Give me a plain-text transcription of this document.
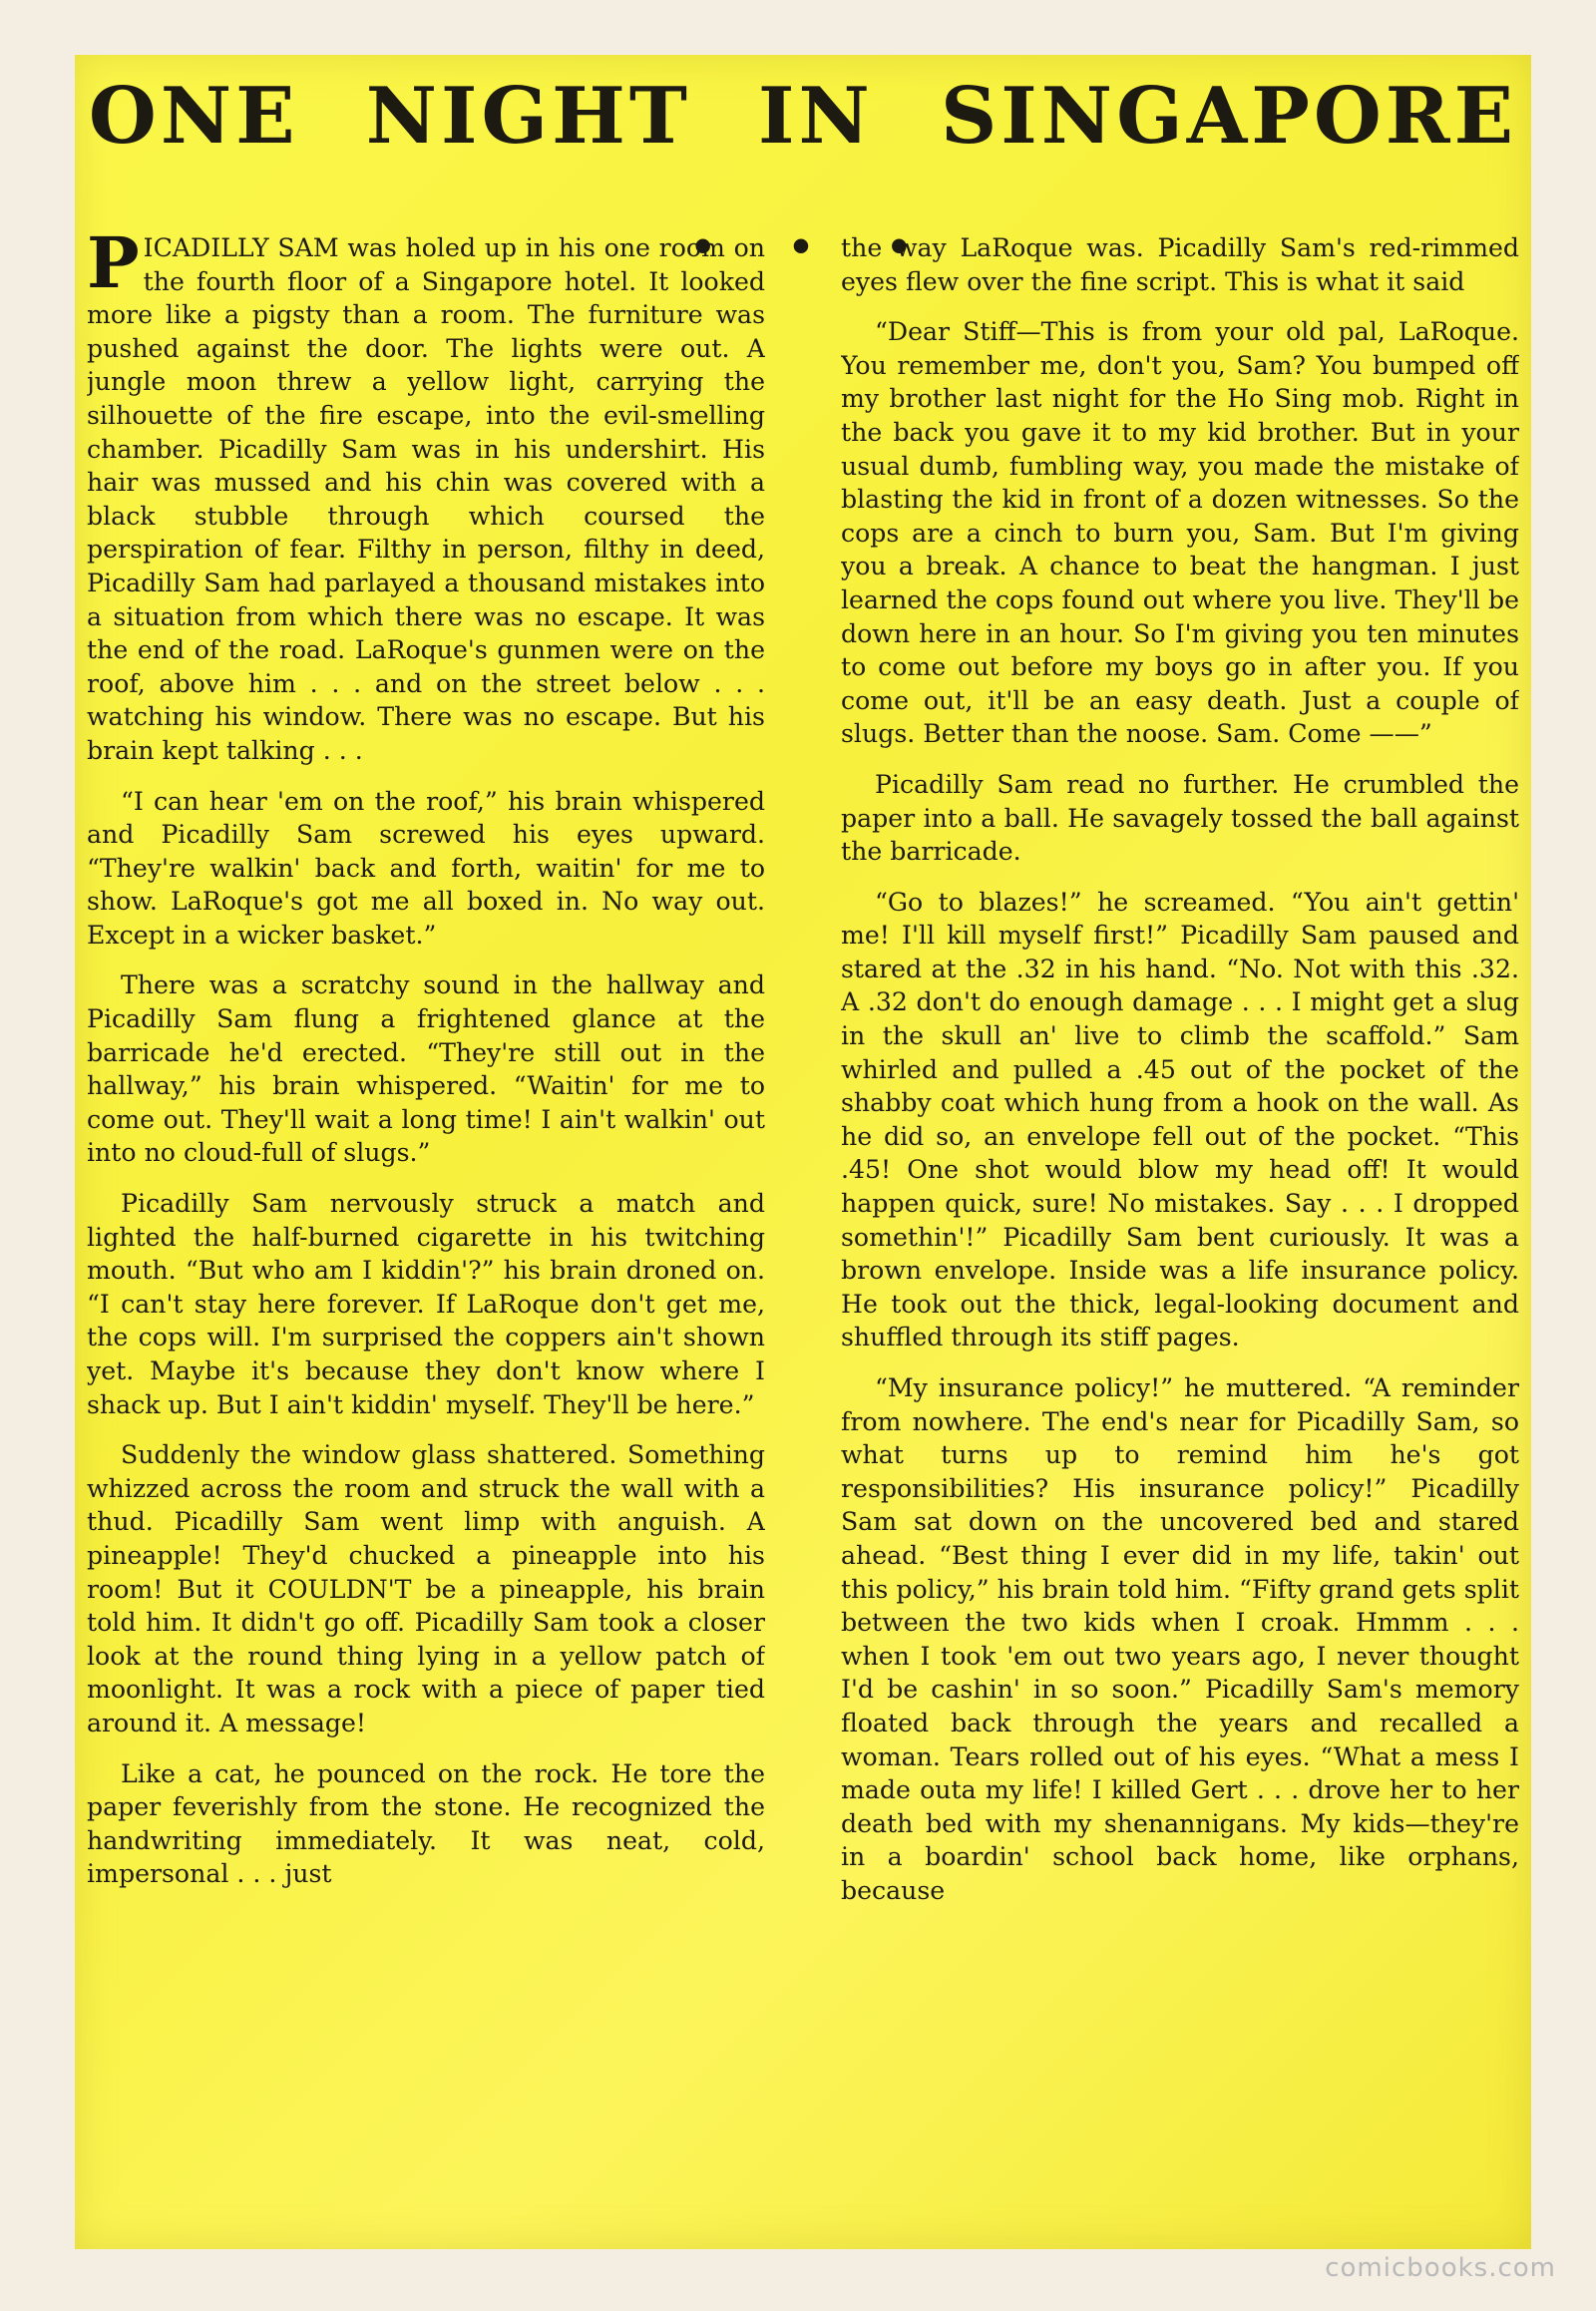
ONE NIGHT IN SINGAPORE . . .

PICADILLY SAM was holed up in his one room on the fourth floor of a Singapore hotel. It looked more like a pigsty than a room. The furniture was pushed against the door. The lights were out. A jungle moon threw a yellow light, carrying the silhouette of the fire escape, into the evil-smelling chamber. Picadilly Sam was in his undershirt. His hair was mussed and his chin was covered with a black stubble through which coursed the perspiration of fear. Filthy in person, filthy in deed, Picadilly Sam had parlayed a thousand mistakes into a situation from which there was no escape. It was the end of the road. LaRoque's gunmen were on the roof, above him . . . and on the street below . . . watching his window. There was no escape. But his brain kept talking . . .

“I can hear 'em on the roof,” his brain whispered and Picadilly Sam screwed his eyes upward. “They're walkin' back and forth, waitin' for me to show. LaRoque's got me all boxed in. No way out. Except in a wicker basket.”

There was a scratchy sound in the hallway and Picadilly Sam flung a frightened glance at the barricade he'd erected. “They're still out in the hallway,” his brain whispered. “Waitin' for me to come out. They'll wait a long time! I ain't walkin' out into no cloud-full of slugs.”

Picadilly Sam nervously struck a match and lighted the half-burned cigarette in his twitching mouth. “But who am I kiddin'?” his brain droned on. “I can't stay here forever. If LaRoque don't get me, the cops will. I'm surprised the coppers ain't shown yet. Maybe it's because they don't know where I shack up. But I ain't kiddin' myself. They'll be here.”

Suddenly the window glass shattered. Something whizzed across the room and struck the wall with a thud. Picadilly Sam went limp with anguish. A pineapple! They'd chucked a pineapple into his room! But it COULDN'T be a pineapple, his brain told him. It didn't go off. Picadilly Sam took a closer look at the round thing lying in a yellow patch of moonlight. It was a rock with a piece of paper tied around it. A message!

Like a cat, he pounced on the rock. He tore the paper feverishly from the stone. He recognized the handwriting immediately. It was neat, cold, impersonal . . . just

the way LaRoque was. Picadilly Sam's red-rimmed eyes flew over the fine script. This is what it said

“Dear Stiff—This is from your old pal, LaRoque. You remember me, don't you, Sam? You bumped off my brother last night for the Ho Sing mob. Right in the back you gave it to my kid brother. But in your usual dumb, fumbling way, you made the mistake of blasting the kid in front of a dozen witnesses. So the cops are a cinch to burn you, Sam. But I'm giving you a break. A chance to beat the hangman. I just learned the cops found out where you live. They'll be down here in an hour. So I'm giving you ten minutes to come out before my boys go in after you. If you come out, it'll be an easy death. Just a couple of slugs. Better than the noose. Sam. Come ——”

Picadilly Sam read no further. He crumbled the paper into a ball. He savagely tossed the ball against the barricade.

“Go to blazes!” he screamed. “You ain't gettin' me! I'll kill myself first!” Picadilly Sam paused and stared at the .32 in his hand. “No. Not with this .32. A .32 don't do enough damage . . . I might get a slug in the skull an' live to climb the scaffold.” Sam whirled and pulled a .45 out of the pocket of the shabby coat which hung from a hook on the wall. As he did so, an envelope fell out of the pocket. “This .45! One shot would blow my head off! It would happen quick, sure! No mistakes. Say . . . I dropped somethin'!” Picadilly Sam bent curiously. It was a brown envelope. Inside was a life insurance policy. He took out the thick, legal-looking document and shuffled through its stiff pages.

“My insurance policy!” he muttered. “A reminder from nowhere. The end's near for Picadilly Sam, so what turns up to remind him he's got responsibilities? His insurance policy!” Picadilly Sam sat down on the uncovered bed and stared ahead. “Best thing I ever did in my life, takin' out this policy,” his brain told him. “Fifty grand gets split between the two kids when I croak. Hmmm . . . when I took 'em out two years ago, I never thought I'd be cashin' in so soon.” Picadilly Sam's memory floated back through the years and recalled a woman. Tears rolled out of his eyes. “What a mess I made outa my life! I killed Gert . . . drove her to her death bed with my shenannigans. My kids—they're in a boardin' school back home, like orphans, because

comicbooks.com
